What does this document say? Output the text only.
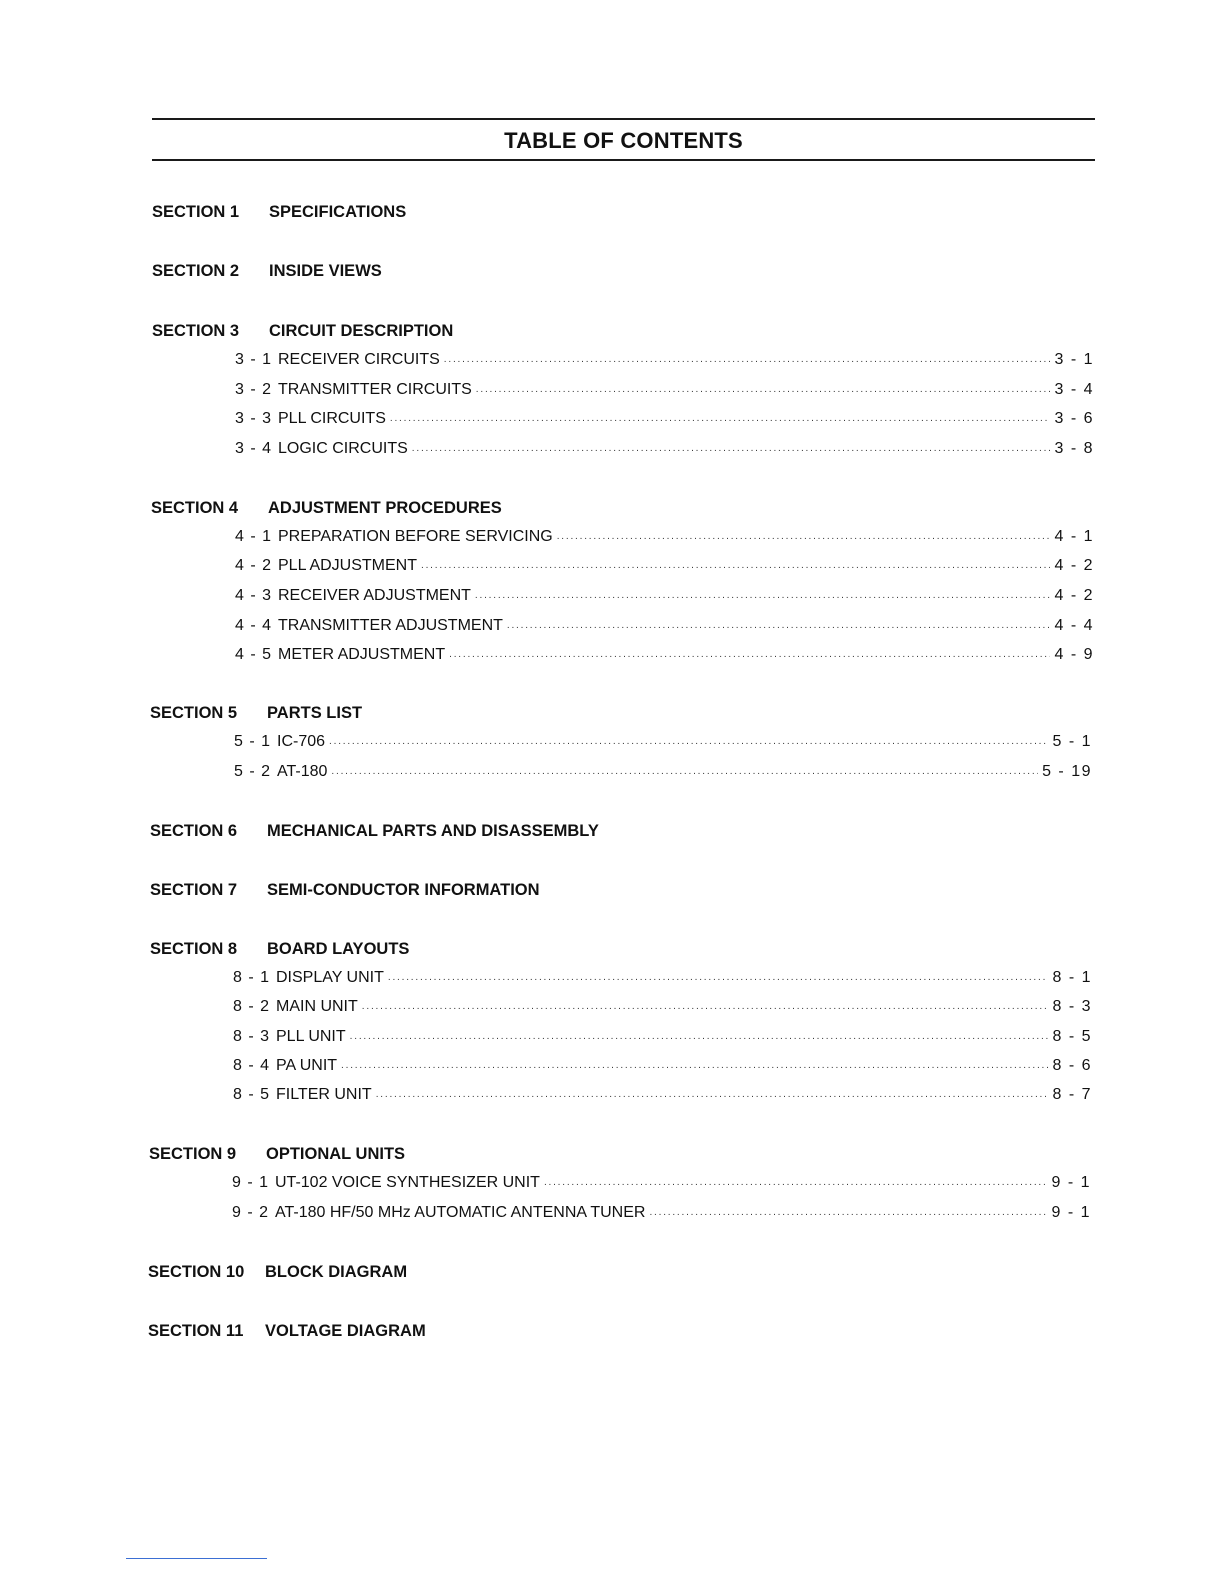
TABLE OF CONTENTS
SECTION 1 SPECIFICATIONS
SECTION 2 INSIDE VIEWS
SECTION 3 CIRCUIT DESCRIPTION
3 - 1 RECEIVER CIRCUITS .....	3 - 1
3 - 2 TRANSMITTER CIRCUITS .....	3 - 4
3 - 3 PLL CIRCUITS .....	3 - 6
3 - 4 LOGIC CIRCUITS .....	3 - 8
SECTION 4 ADJUSTMENT PROCEDURES
4 - 1 PREPARATION BEFORE SERVICING .....	4 - 1
4 - 2 PLL ADJUSTMENT .....	4 - 2
4 - 3 RECEIVER ADJUSTMENT .....	4 - 2
4 - 4 TRANSMITTER ADJUSTMENT .....	4 - 4
4 - 5 METER ADJUSTMENT .....	4 - 9
SECTION 5 PARTS LIST
5 - 1 IC-706 .....	5 - 1
5 - 2 AT-180 .....	5 - 19
SECTION 6 MECHANICAL PARTS AND DISASSEMBLY
SECTION 7 SEMI-CONDUCTOR INFORMATION
SECTION 8 BOARD LAYOUTS
8 - 1 DISPLAY UNIT .....	8 - 1
8 - 2 MAIN UNIT .....	8 - 3
8 - 3 PLL UNIT .....	8 - 5
8 - 4 PA UNIT .....	8 - 6
8 - 5 FILTER UNIT .....	8 - 7
SECTION 9 OPTIONAL UNITS
9 - 1 UT-102 VOICE SYNTHESIZER UNIT .....	9 - 1
9 - 2 AT-180 HF/50 MHz AUTOMATIC ANTENNA TUNER .....	9 - 1
SECTION 10 BLOCK DIAGRAM
SECTION 11 VOLTAGE DIAGRAM
